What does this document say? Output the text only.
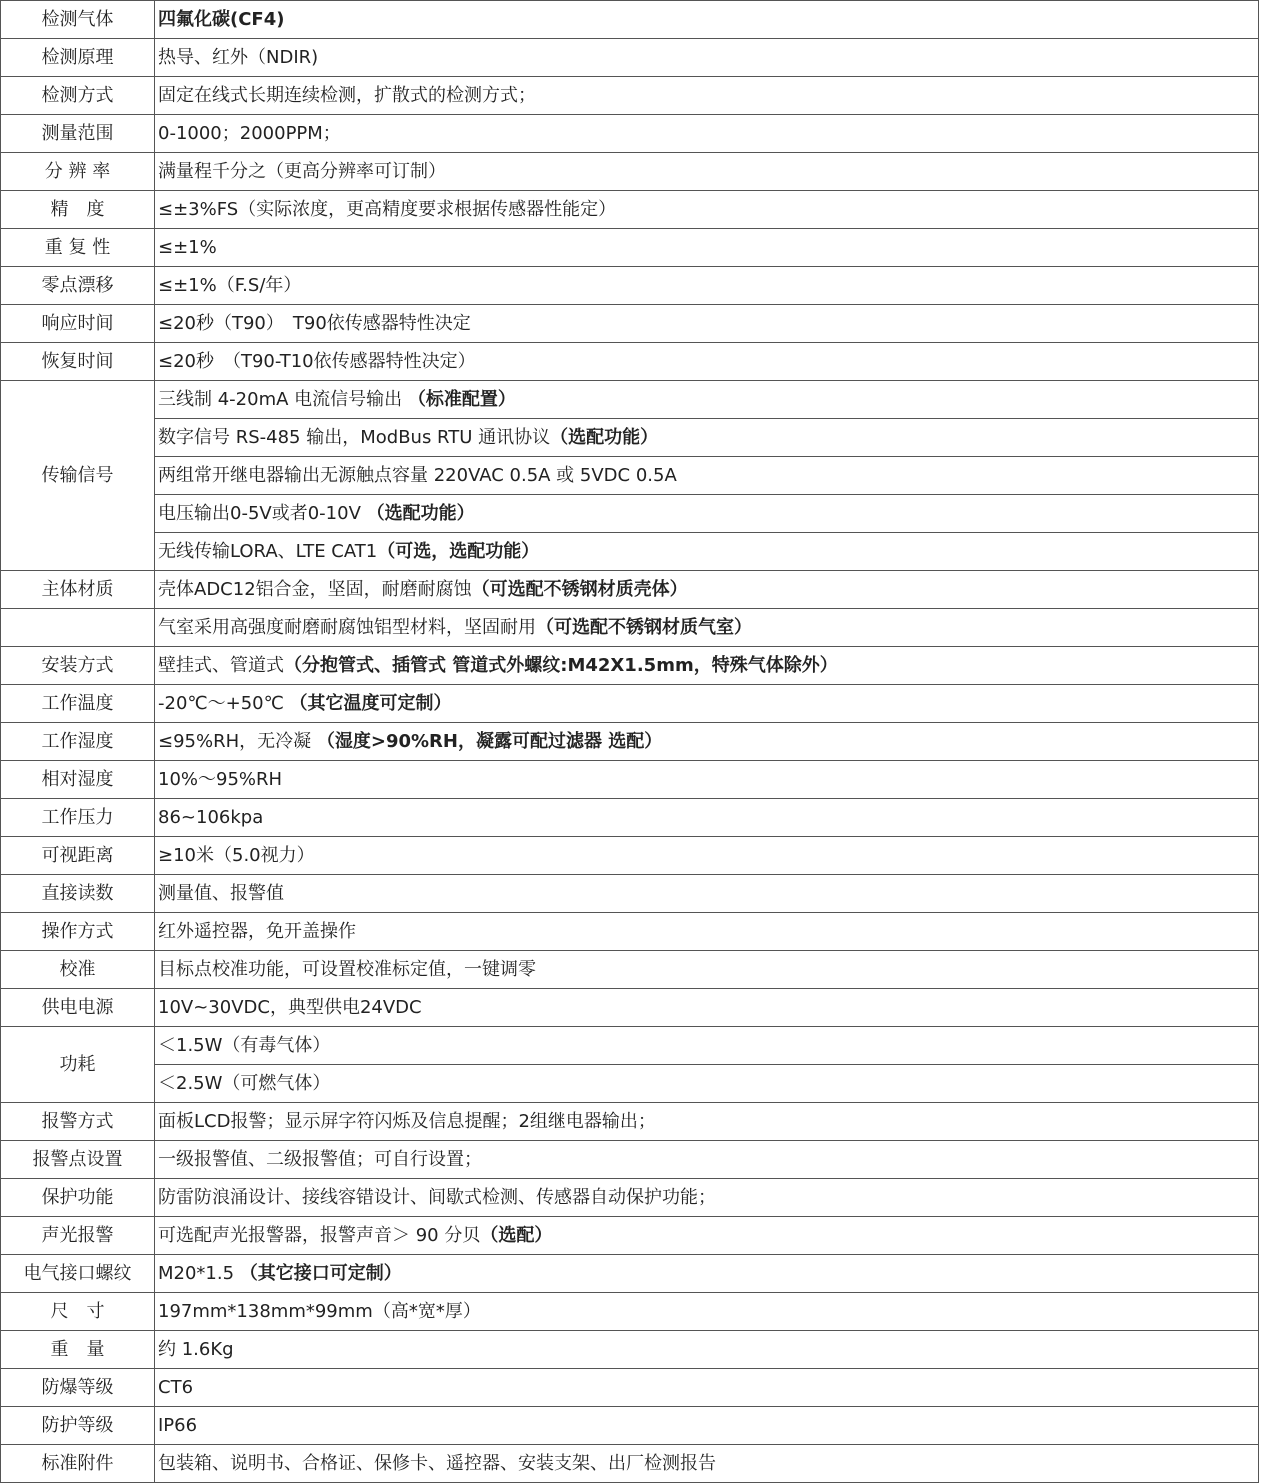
检测气体	四氟化碳(CF4)
检测原理	热导、红外（NDIR)
检测方式	固定在线式长期连续检测，扩散式的检测方式；
测量范围	0-1000；2000PPM；
分 辨 率	满量程千分之（更高分辨率可订制）
精　度	≤±3%FS（实际浓度，更高精度要求根据传感器性能定）
重 复 性	≤±1%
零点漂移	≤±1%（F.S/年）
响应时间	≤20秒（T90）　T90依传感器特性决定
恢复时间	≤20秒　（T90-T10依传感器特性决定）
传输信号	三线制 4-20mA 电流信号输出 （标准配置）
	数字信号 RS-485 输出，ModBus RTU 通讯协议（选配功能）
	两组常开继电器输出无源触点容量 220VAC 0.5A 或 5VDC 0.5A
	电压输出0-5V或者0-10V （选配功能）
	无线传输LORA、LTE CAT1（可选，选配功能）
主体材质	壳体ADC12铝合金，坚固，耐磨耐腐蚀（可选配不锈钢材质壳体）
	气室采用高强度耐磨耐腐蚀铝型材料，坚固耐用（可选配不锈钢材质气室）
安装方式	壁挂式、管道式（分抱管式、插管式 管道式外螺纹:M42X1.5mm，特殊气体除外）
工作温度	-20℃～+50℃ （其它温度可定制）
工作湿度	≤95%RH，无冷凝 （湿度>90%RH，凝露可配过滤器 选配）
相对湿度	10%～95%RH
工作压力	86~106kpa
可视距离	≥10米（5.0视力）
直接读数	测量值、报警值
操作方式	红外遥控器，免开盖操作
校准	目标点校准功能，可设置校准标定值，一键调零
供电电源	10V~30VDC，典型供电24VDC
功耗	＜1.5W（有毒气体）
	＜2.5W（可燃气体）
报警方式	面板LCD报警；显示屏字符闪烁及信息提醒；2组继电器输出；
报警点设置	一级报警值、二级报警值；可自行设置；
保护功能	防雷防浪涌设计、接线容错设计、间歇式检测、传感器自动保护功能；
声光报警	可选配声光报警器，报警声音＞ 90 分贝（选配）
电气接口螺纹	M20*1.5 （其它接口可定制）
尺　寸	197mm*138mm*99mm（高*宽*厚）
重　量	约 1.6Kg
防爆等级	CT6
防护等级	IP66
标准附件	包装箱、说明书、合格证、保修卡、遥控器、安装支架、出厂检测报告
